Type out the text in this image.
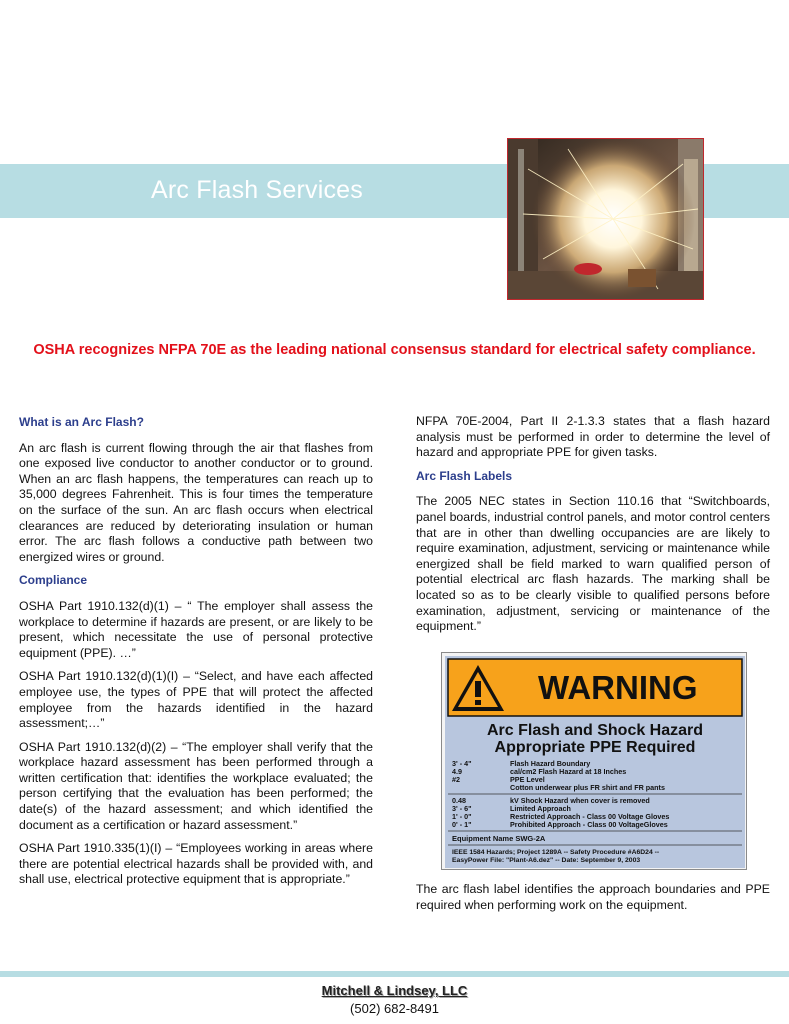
Arc Flash Services
OSHA recognizes NFPA 70E as the leading national consensus standard for electrical safety compliance.
What is an Arc Flash?

An arc flash is current flowing through the air that flashes from one exposed live conductor to another conductor or to ground. When an arc flash happens, the temperatures can reach up to 35,000 degrees Fahrenheit. This is four times the temperature on the surface of the sun. An arc flash occurs when electrical clearances are reduced by deteriorating insulation or human error. The arc flash follows a conductive path between two energized wires or ground.

Compliance

OSHA Part 1910.132(d)(1) – “ The employer shall assess the workplace to determine if hazards are present, or are likely to be present, which necessitate the use of personal protective equipment (PPE). …”

OSHA Part 1910.132(d)(1)(I) – “Select, and have each affected employee use, the types of PPE that will protect the affected employee from the hazards identified in the hazard assessment;…”

OSHA Part 1910.132(d)(2) – “The employer shall verify that the workplace hazard assessment has been performed through a written certification that: identifies the workplace evaluated; the person certifying that the evaluation has been performed; the date(s) of the hazard assessment; and which identified the document as a certification or hazard assessment.”

OSHA Part 1910.335(1)(I) – “Employees working in areas where there are potential electrical hazards shall be provided with, and shall use, electrical protective equipment that is appropriate.”

NFPA 70E-2004, Part II 2-1.3.3 states that a flash hazard analysis must be performed in order to determine the level of hazard and appropriate PPE for given tasks.

Arc Flash Labels

The 2005 NEC states in Section 110.16 that “Switchboards, panel boards, industrial control panels, and motor control centers that are in other than dwelling occupancies are are likely to require examination, adjustment, servicing or maintenance while energized shall be field marked to warn qualified person of potential electrical arc flash hazards. The marking shall be located so as to be clearly visible to qualified persons before examination, adjustment, servicing or maintenance of the equipment.”

WARNING
Arc Flash and Shock Hazard
Appropriate PPE Required
3' - 4"	Flash Hazard Boundary
4.9	cal/cm2 Flash Hazard at 18 Inches
#2	PPE Level
Cotton underwear plus FR shirt and FR pants
0.48	kV Shock Hazard when cover is removed
3' - 6"	Limited Approach
1' - 0"	Restricted Approach - Class 00 Voltage Gloves
0' - 1"	Prohibited Approach - Class 00 VoltageGloves
Equipment Name SWG-2A
IEEE 1584 Hazards; Project 1289A -- Safety Procedure #A6D24 --
EasyPower File: "Plant-A6.dez" -- Date: September 9, 2003

The arc flash label identifies the approach boundaries and PPE required when performing work on the equipment.

Mitchell & Lindsey, LLC
(502) 682-8491
